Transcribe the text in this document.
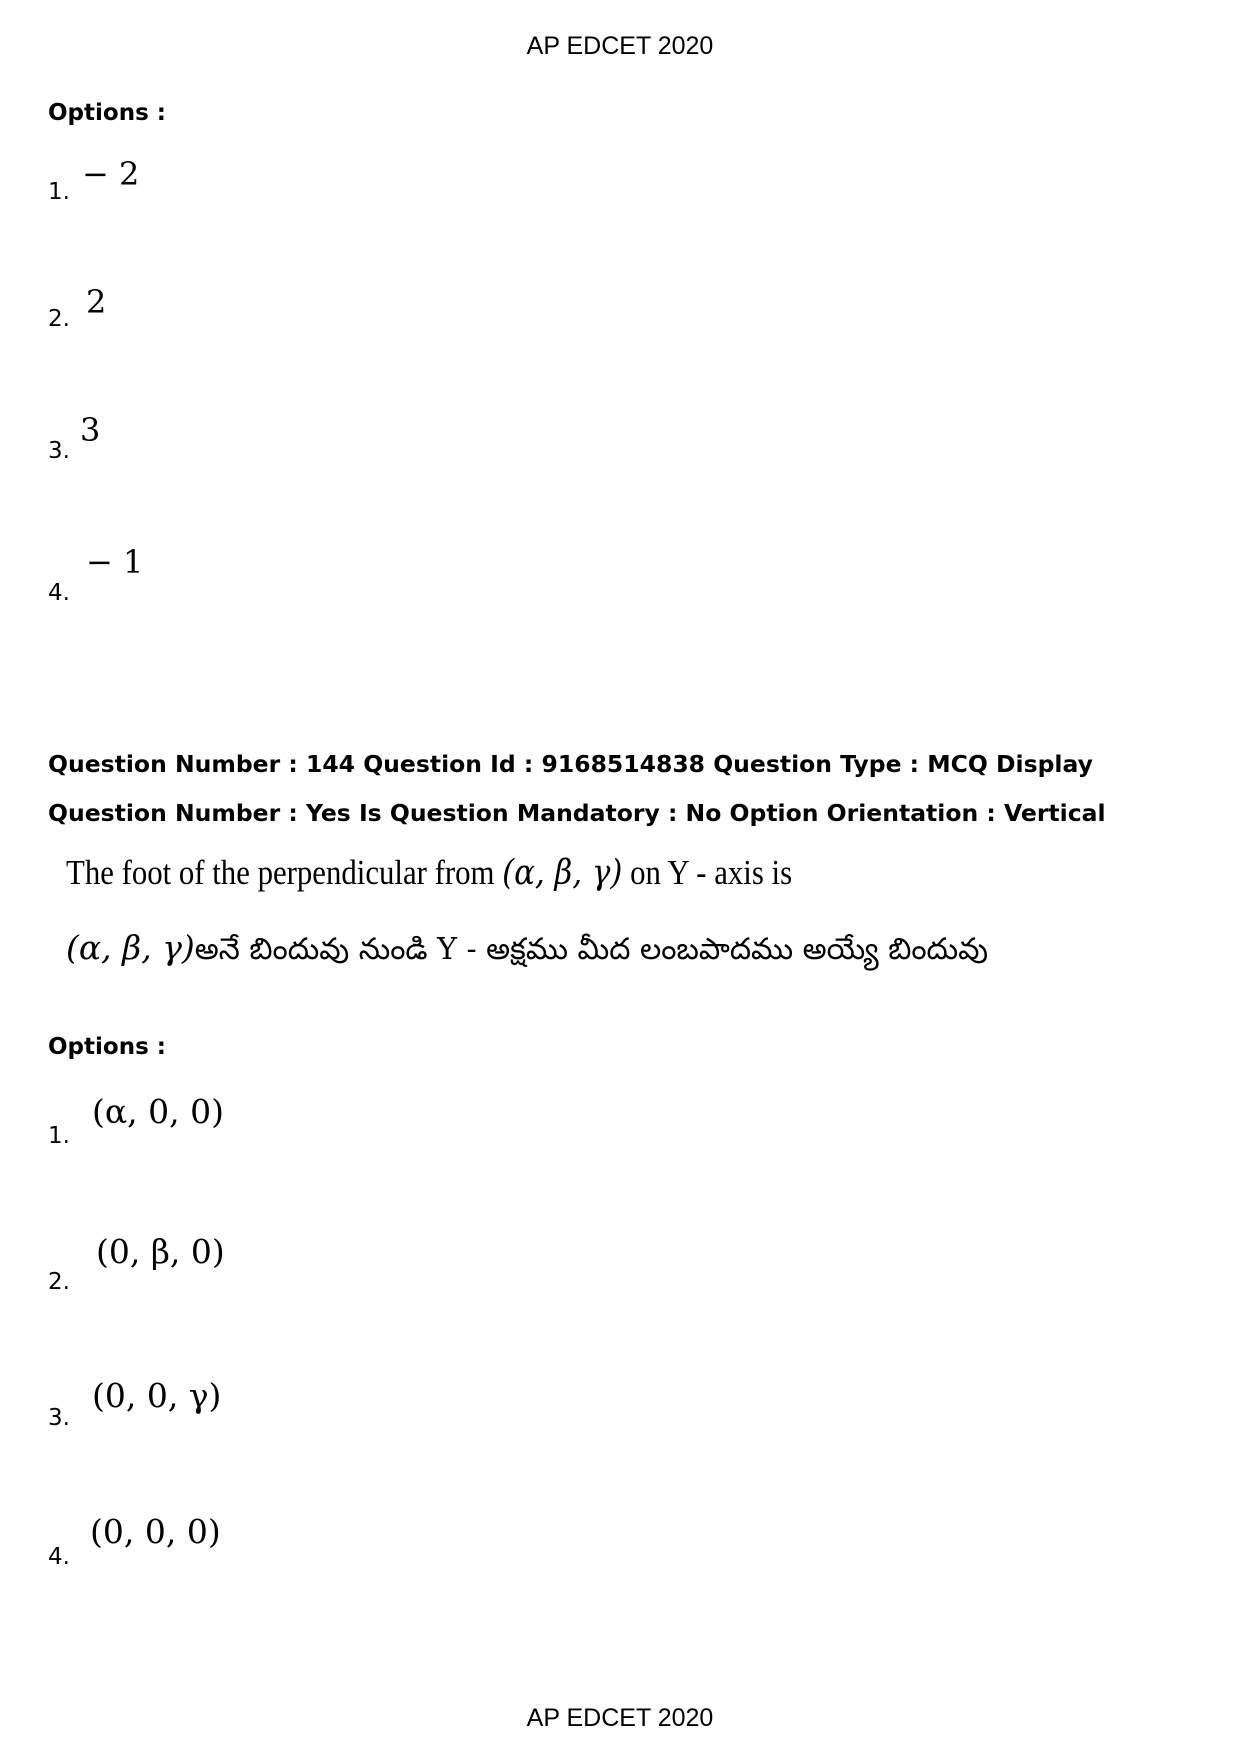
AP EDCET 2020
Options :
1. − 2
2. 2
3.
3
4.
− 1
Question Number : 144 Question Id : 9168514838 Question Type : MCQ Display Question Number : Yes Is Question Mandatory : No Option Orientation : Vertical
The foot of the perpendicular from (α, β, γ) on Y - axis is
(α, β, γ)అనే బిందువు నుండి Y - అక్షము మీద లంబపాదము అయ్యే బిందువు
Options :
1.
(α, 0, 0)
2.
(0, β, 0)
3.
(0, 0, γ)
4.
(0, 0, 0)
AP EDCET 2020
